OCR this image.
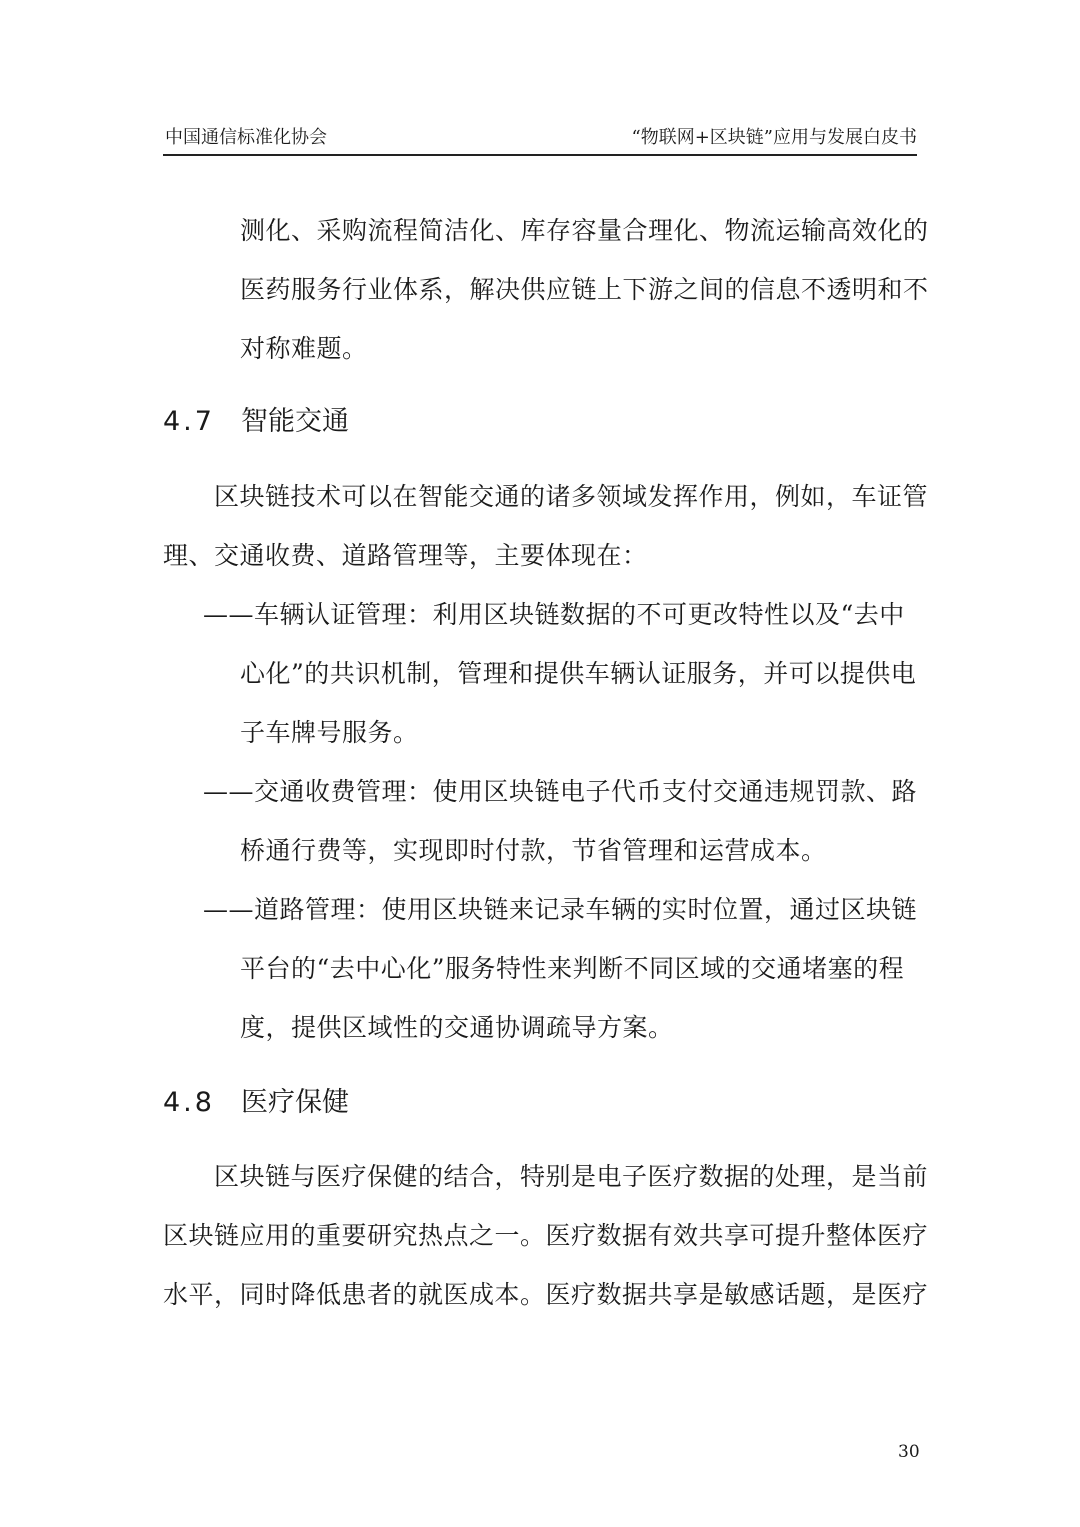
中国通信标准化协会	“物联网+区块链”应用与发展白皮书
测化、采购流程简洁化、库存容量合理化、物流运输高效化的
医药服务行业体系，解决供应链上下游之间的信息不透明和不
对称难题。
4.7 智能交通
区块链技术可以在智能交通的诸多领域发挥作用，例如，车证管
理、交通收费、道路管理等，主要体现在：
——车辆认证管理：利用区块链数据的不可更改特性以及“去中
心化”的共识机制，管理和提供车辆认证服务，并可以提供电
子车牌号服务。
——交通收费管理：使用区块链电子代币支付交通违规罚款、路
桥通行费等，实现即时付款，节省管理和运营成本。
——道路管理：使用区块链来记录车辆的实时位置，通过区块链
平台的“去中心化”服务特性来判断不同区域的交通堵塞的程
度，提供区域性的交通协调疏导方案。
4.8 医疗保健
区块链与医疗保健的结合，特别是电子医疗数据的处理，是当前
区块链应用的重要研究热点之一。医疗数据有效共享可提升整体医疗
水平，同时降低患者的就医成本。医疗数据共享是敏感话题，是医疗
30
